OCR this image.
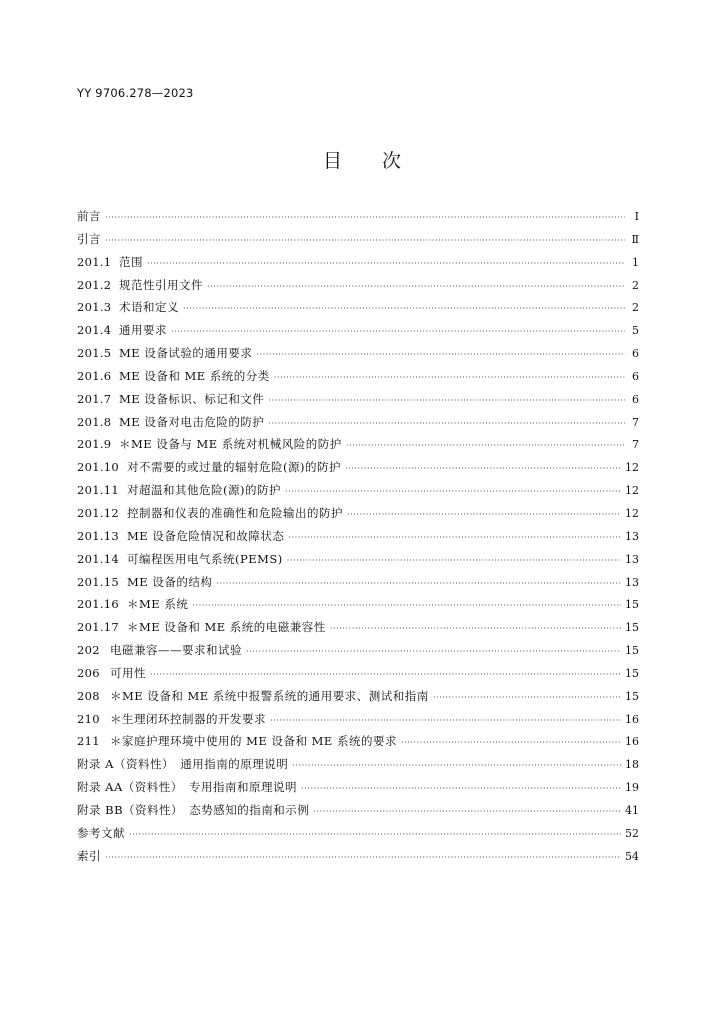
YY 9706.278—2023
目次
前言 ·····	Ⅰ
引言 ·····	Ⅱ
201.1 范围 ·····	1
201.2 规范性引用文件 ·····	2
201.3 术语和定义 ·····	2
201.4 通用要求 ·····	5
201.5 ME 设备试验的通用要求 ·····	6
201.6 ME 设备和 ME 系统的分类 ·····	6
201.7 ME 设备标识、标记和文件 ·····	6
201.8 ME 设备对电击危险的防护 ·····	7
201.9 ＊ME 设备与 ME 系统对机械风险的防护 ·····	7
201.10 对不需要的或过量的辐射危险(源)的防护 ·····	12
201.11 对超温和其他危险(源)的防护 ·····	12
201.12 控制器和仪表的准确性和危险输出的防护 ·····	12
201.13 ME 设备危险情况和故障状态 ·····	13
201.14 可编程医用电气系统(PEMS) ·····	13
201.15 ME 设备的结构 ·····	13
201.16 ＊ME 系统 ·····	15
201.17 ＊ME 设备和 ME 系统的电磁兼容性 ·····	15
202 电磁兼容——要求和试验 ·····	15
206 可用性 ·····	15
208 ＊ME 设备和 ME 系统中报警系统的通用要求、测试和指南 ·····	15
210 ＊生理闭环控制器的开发要求 ·····	16
211 ＊家庭护理环境中使用的 ME 设备和 ME 系统的要求 ·····	16
附录 A（资料性）　通用指南的原理说明 ·····	18
附录 AA（资料性）　专用指南和原理说明 ·····	19
附录 BB（资料性）　态势感知的指南和示例 ·····	41
参考文献 ·····	52
索引 ·····	54
